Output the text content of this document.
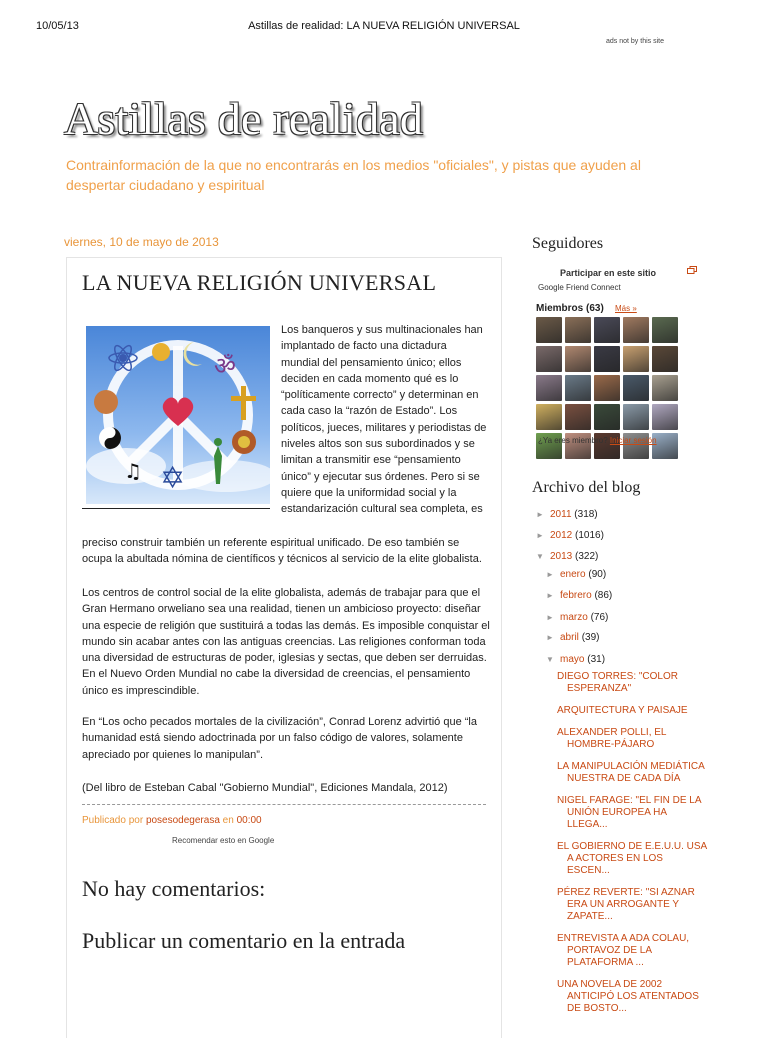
10/05/13	Astillas de realidad: LA NUEVA RELIGIÓN UNIVERSAL
ads not by this site
Astillas de realidad
Contrainformación de la que no encontrarás en los medios "oficiales", y pistas que ayuden al despertar ciudadano y espiritual
viernes, 10 de mayo de 2013
LA NUEVA RELIGIÓN UNIVERSAL
ॐ
♫ ✡
Los banqueros y sus multinacionales han implantado de facto una dictadura mundial del pensamiento único; ellos deciden en cada momento qué es lo “políticamente correcto” y determinan en cada caso la “razón de Estado”. Los políticos, jueces, militares y periodistas de niveles altos son sus subordinados y se limitan a transmitir ese “pensamiento único” y ejecutar sus órdenes. Pero si se quiere que la uniformidad social y la estandarización cultural sea completa, es
preciso construir también un referente espiritual unificado. De eso también se ocupa la abultada nómina de científicos y técnicos al servicio de la elite globalista.
Los centros de control social de la elite globalista, además de trabajar para que el Gran Hermano orweliano sea una realidad, tienen un ambicioso proyecto: diseñar una especie de religión que sustituirá a todas las demás. Es imposible conquistar el mundo sin acabar antes con las antiguas creencias. Las religiones conforman toda una diversidad de estructuras de poder, iglesias y sectas, que deben ser derruidas. En el Nuevo Orden Mundial no cabe la diversidad de creencias, el pensamiento único es imprescindible.
En “Los ocho pecados mortales de la civilización”, Conrad Lorenz advirtió que “la humanidad está siendo adoctrinada por un falso código de valores, solamente apreciado por quienes lo manipulan”.
(Del libro de Esteban Cabal "Gobierno Mundial", Ediciones Mandala, 2012)
Publicado por posesodegerasa en 00:00
Recomendar esto en Google
No hay comentarios:
Publicar un comentario en la entrada
Seguidores
Participar en este sitio
Google Friend Connect
Miembros (63) Más »
¿Ya eres miembro? Iniciar sesión
Archivo del blog
► 2011 (318)
► 2012 (1016)
▼ 2013 (322)
► enero (90)
► febrero (86)
► marzo (76)
► abril (39)
▼ mayo (31)
DIEGO TORRES: "COLOR ESPERANZA"
ARQUITECTURA Y PAISAJE
ALEXANDER POLLI, EL HOMBRE-PÁJARO
LA MANIPULACIÓN MEDIÁTICA NUESTRA DE CADA DÍA
NIGEL FARAGE: "EL FIN DE LA UNIÓN EUROPEA HA LLEGA...
EL GOBIERNO DE E.E.U.U. USA A ACTORES EN LOS ESCEN...
PÉREZ REVERTE: "SI AZNAR ERA UN ARROGANTE Y ZAPATE...
ENTREVISTA A ADA COLAU, PORTAVOZ DE LA PLATAFORMA ...
UNA NOVELA DE 2002 ANTICIPÓ LOS ATENTADOS DE BOSTO...
